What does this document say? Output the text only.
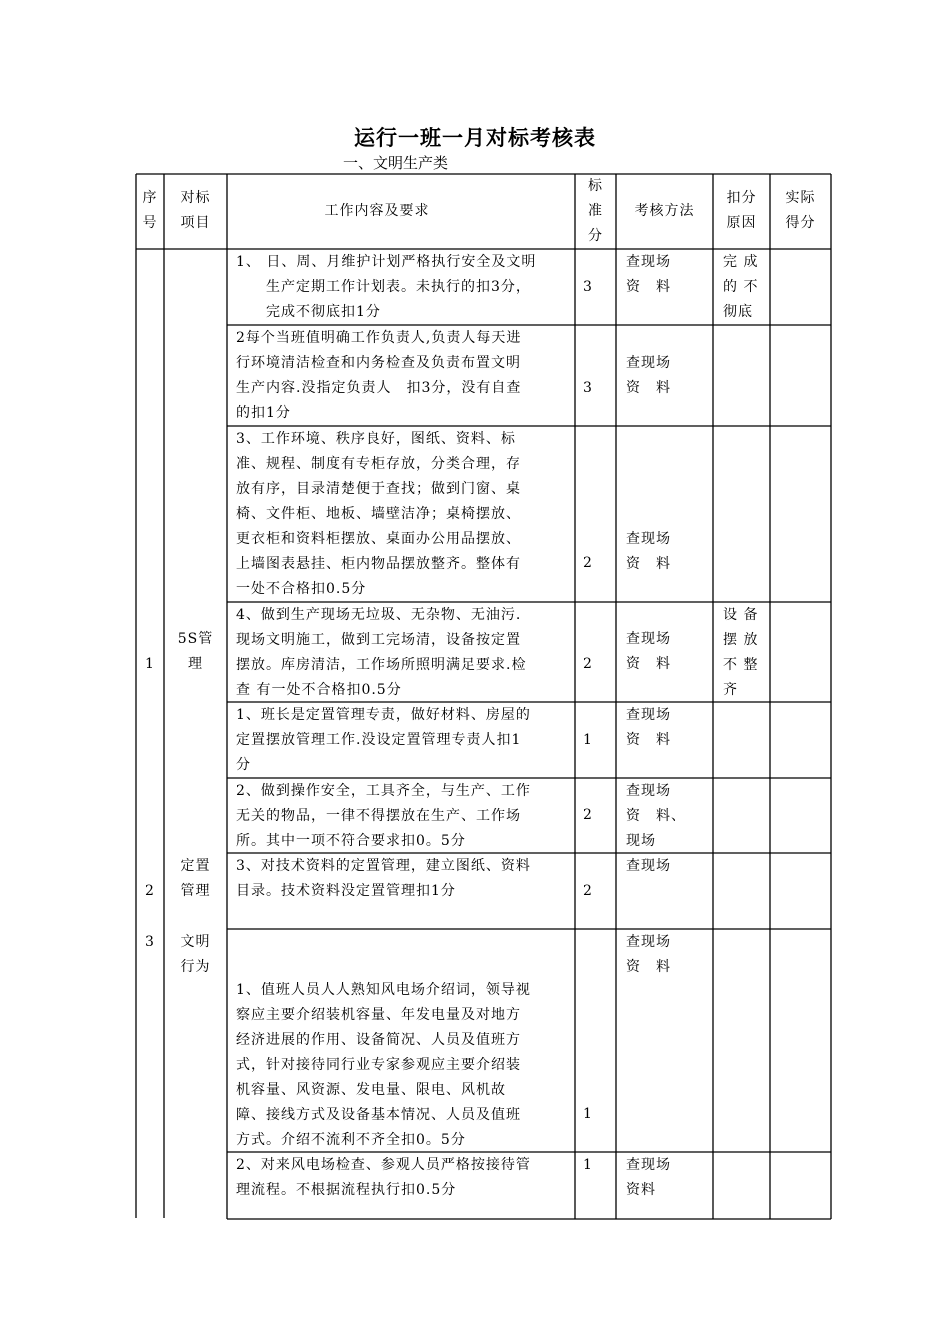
运行一班一月对标考核表
一、文明生产类
序
号
对标
项目
工作内容及要求
标
准
分
考核方法
扣分
原因
实际
得分
1
5S管
理
2
定置
管理
3	文明
行为
1、 日、周、月维护计划严格执行安全及文明
生产定期工作计划表。未执行的扣3分，
完成不彻底扣1分
3
查现场
资　料
完 成
的 不
彻底
2每个当班值明确工作负责人,负责人每天进
行环境清洁检查和内务检查及负责布置文明
生产内容.没指定负责人　扣3分，没有自查
的扣1分
3
查现场
资　料
3、工作环境、秩序良好，图纸、资料、标
准、规程、制度有专柜存放，分类合理，存
放有序，目录清楚便于查找；做到门窗、桌
椅、文件柜、地板、墙壁洁净；桌椅摆放、
更衣柜和资料柜摆放、桌面办公用品摆放、
上墙图表悬挂、柜内物品摆放整齐。整体有
一处不合格扣0.5分
2
查现场
资　料
4、做到生产现场无垃圾、无杂物、无油污.
现场文明施工，做到工完场清，设备按定置
摆放。库房清洁，工作场所照明满足要求.检
查 有一处不合格扣0.5分
2
查现场
资　料
设 备
摆 放
不 整
齐
1、班长是定置管理专责，做好材料、房屋的
定置摆放管理工作.没设定置管理专责人扣1
分
1
查现场
资　料
2、做到操作安全，工具齐全，与生产、工作
无关的物品，一律不得摆放在生产、工作场
所。其中一项不符合要求扣0。5分
2
查现场
资　料、
现场
3、对技术资料的定置管理，建立图纸、资料
目录。技术资料没定置管理扣1分	2
查现场
1、值班人员人人熟知风电场介绍词，领导视
察应主要介绍装机容量、年发电量及对地方
经济进展的作用、设备简况、人员及值班方
式，针对接待同行业专家参观应主要介绍装
机容量、风资源、发电量、限电、风机故
障、接线方式及设备基本情况、人员及值班
方式。介绍不流利不齐全扣0。5分
1
查现场
资　料
2、对来风电场检查、参观人员严格按接待管
理流程。不根据流程执行扣0.5分
1 查现场
资料
